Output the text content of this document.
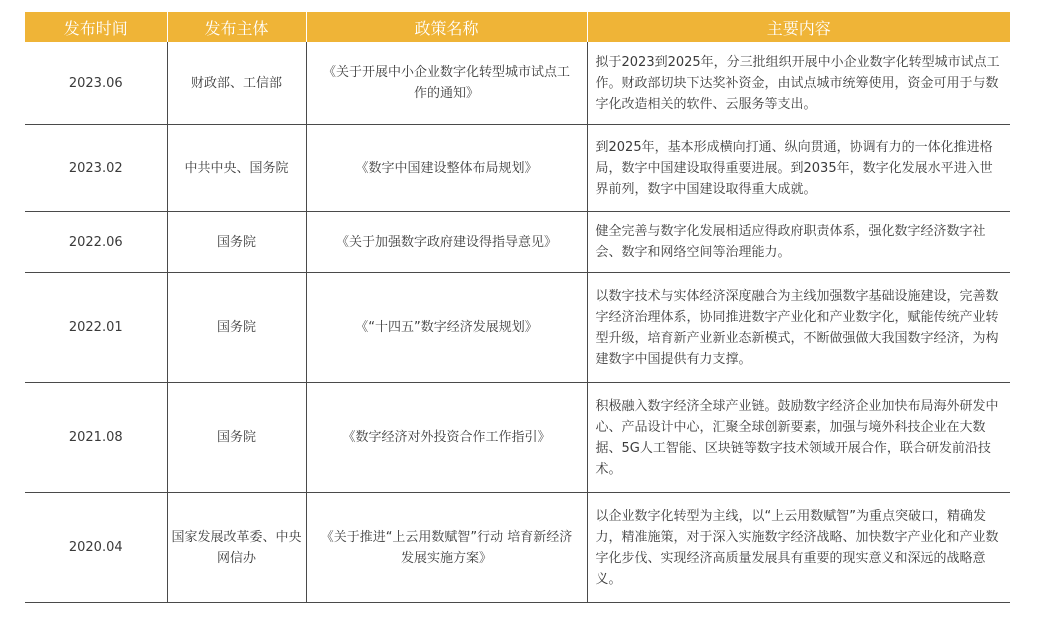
发布时间	发布主体	政策名称	主要内容
2023.06	财政部、工信部	《关于开展中小企业数字化转型城市试点工作的通知》	拟于2023到2025年，分三批组织开展中小企业数字化转型城市试点工作。财政部切块下达奖补资金，由试点城市统筹使用，资金可用于与数字化改造相关的软件、云服务等支出。
2023.02	中共中央、国务院	《数字中国建设整体布局规划》	到2025年，基本形成横向打通、纵向贯通，协调有力的一体化推进格局，数字中国建设取得重要进展。到2035年，数字化发展水平进入世界前列，数字中国建设取得重大成就。
2022.06	国务院	《关于加强数字政府建设得指导意见》	健全完善与数字化发展相适应得政府职责体系，强化数字经济数字社会、数字和网络空间等治理能力。
2022.01	国务院	《“十四五”数字经济发展规划》	以数字技术与实体经济深度融合为主线加强数字基础设施建设，完善数字经济治理体系，协同推进数字产业化和产业数字化，赋能传统产业转型升级，培育新产业新业态新模式，不断做强做大我国数字经济，为构建数字中国提供有力支撑。
2021.08	国务院	《数字经济对外投资合作工作指引》	积极融入数字经济全球产业链。鼓励数字经济企业加快布局海外研发中心、产品设计中心，汇聚全球创新要素，加强与境外科技企业在大数据、5G人工智能、区块链等数字技术领域开展合作，联合研发前沿技术。
2020.04	国家发展改革委、中央网信办	《关于推进“上云用数赋智”行动 培育新经济发展实施方案》	以企业数字化转型为主线，以“上云用数赋智”为重点突破口，精确发力，精准施策，对于深入实施数字经济战略、加快数字产业化和产业数字化步伐、实现经济高质量发展具有重要的现实意义和深远的战略意义。
